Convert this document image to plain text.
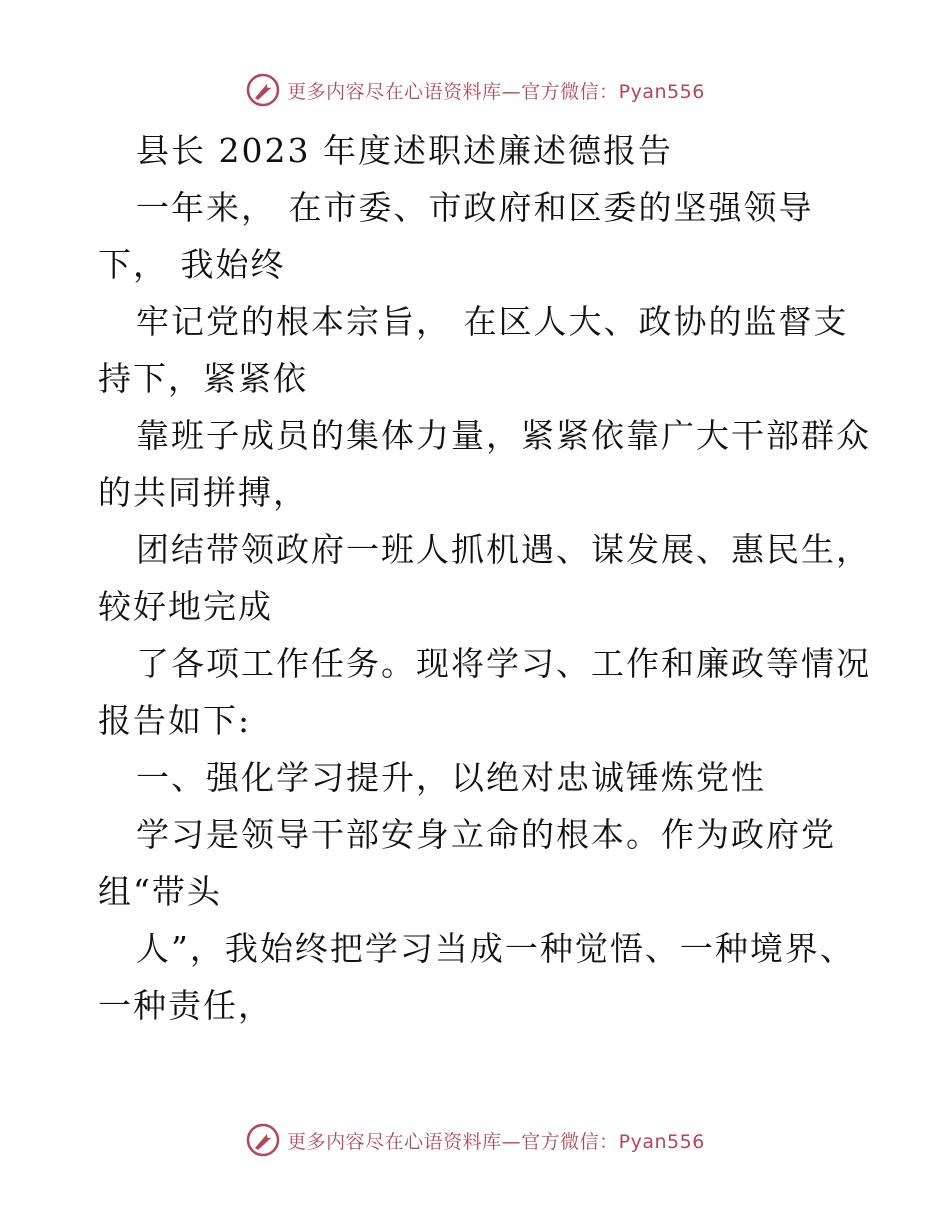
更多内容尽在心语资料库—官方微信：Pyan556
县长 2023 年度述职述廉述德报告
一年来， 在市委、市政府和区委的坚强领导
下， 我始终
牢记党的根本宗旨， 在区人大、政协的监督支
持下，紧紧依
靠班子成员的集体力量，紧紧依靠广大干部群众
的共同拼搏，
团结带领政府一班人抓机遇、谋发展、惠民生，
较好地完成
了各项工作任务。现将学习、工作和廉政等情况
报告如下:
一、强化学习提升，以绝对忠诚锤炼党性
学习是领导干部安身立命的根本。作为政府党
组“带头
人”，我始终把学习当成一种觉悟、一种境界、
一种责任，
更多内容尽在心语资料库—官方微信：Pyan556
